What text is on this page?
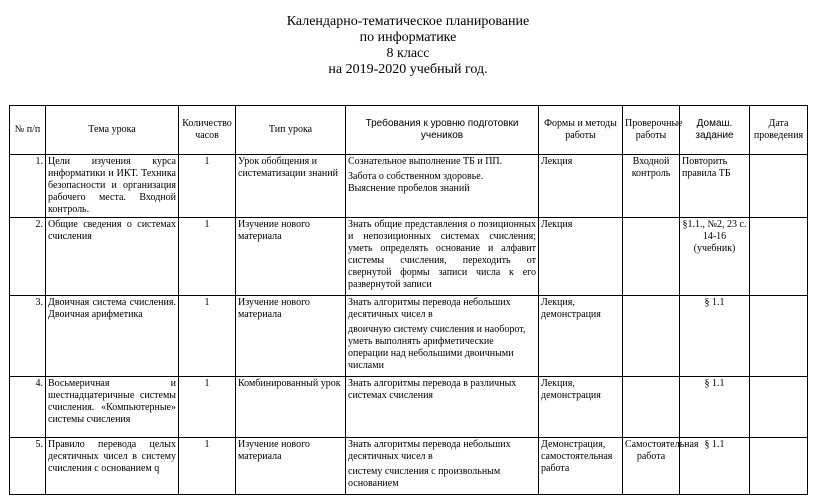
Календарно-тематическое планирование
по информатике
8 класс
на 2019-2020 учебный год.
№ п/п	Тема урока	Количество часов	Тип урока	Требования к уровню подготовки учеников	Формы и методы работы	Проверочные работы	Домаш. задание	Дата проведения
1.	Цели изучения курса информатики и ИКТ. Техника безопасности и организация рабочего места. Входной контроль.	1	Урок обобщения и систематизации знаний	Сознательное выполнение ТБ и ПП.

Забота о собственном здоровье.

Выяснение пробелов знаний	Лекция	Входной контроль	Повторить правила ТБ	
2.	Общие сведения о системах счисления	1	Изучение нового материала	Знать общие представления о позиционных и непозиционных системах счисления; уметь определять основание и алфавит системы счисления, переходить от свернутой формы записи числа к его развернутой записи	Лекция		§1.1., №2, 23 с. 14-16 (учебник)	
3.	Двоичная система счисления. Двоичная арифметика	1	Изучение нового материала	Знать алгоритмы перевода небольших десятичных чисел в

двоичную систему счисления и наоборот, уметь выполнять арифметические операции над небольшими двоичными числами	Лекция, демонстрация		§ 1.1	
4.	Восьмеричная и шестнадцатеричные системы счисления. «Компьютерные» системы счисления	1	Комбинированный урок	Знать алгоритмы перевода в различных системах счисления	Лекция, демонстрация		§ 1.1	
5.	Правило перевода целых десятичных чисел в систему счисления с основанием q	1	Изучение нового материала	Знать алгоритмы перевода небольших десятичных чисел в

систему счисления с произвольным основанием	Демонстрация, самостоятельная работа	Самостоятельная работа	§ 1.1	
